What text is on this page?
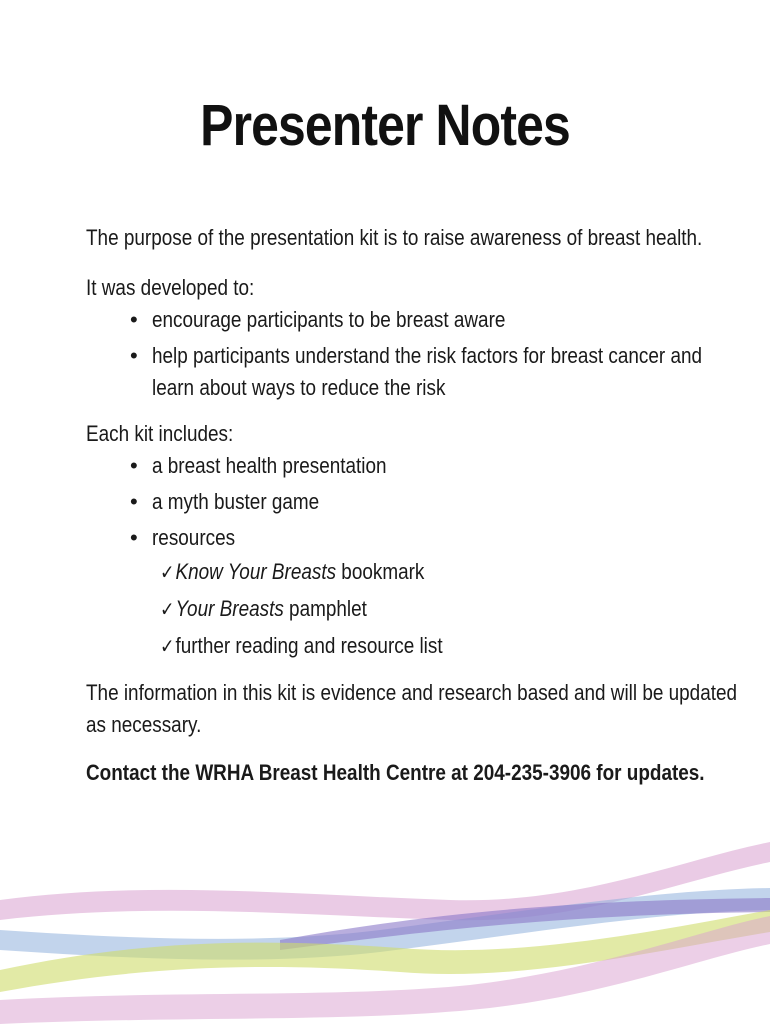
Presenter Notes

The purpose of the presentation kit is to raise awareness of breast health.

It was developed to:

• encourage participants to be breast aware
• help participants understand the risk factors for breast cancer and
learn about ways to reduce the risk

Each kit includes:

• a breast health presentation
• a myth buster game
• resources
✓Know Your Breasts bookmark
✓Your Breasts pamphlet
✓further reading and resource list

The information in this kit is evidence and research based and will be updated
as necessary.

Contact the WRHA Breast Health Centre at 204-235-3906 for updates.
